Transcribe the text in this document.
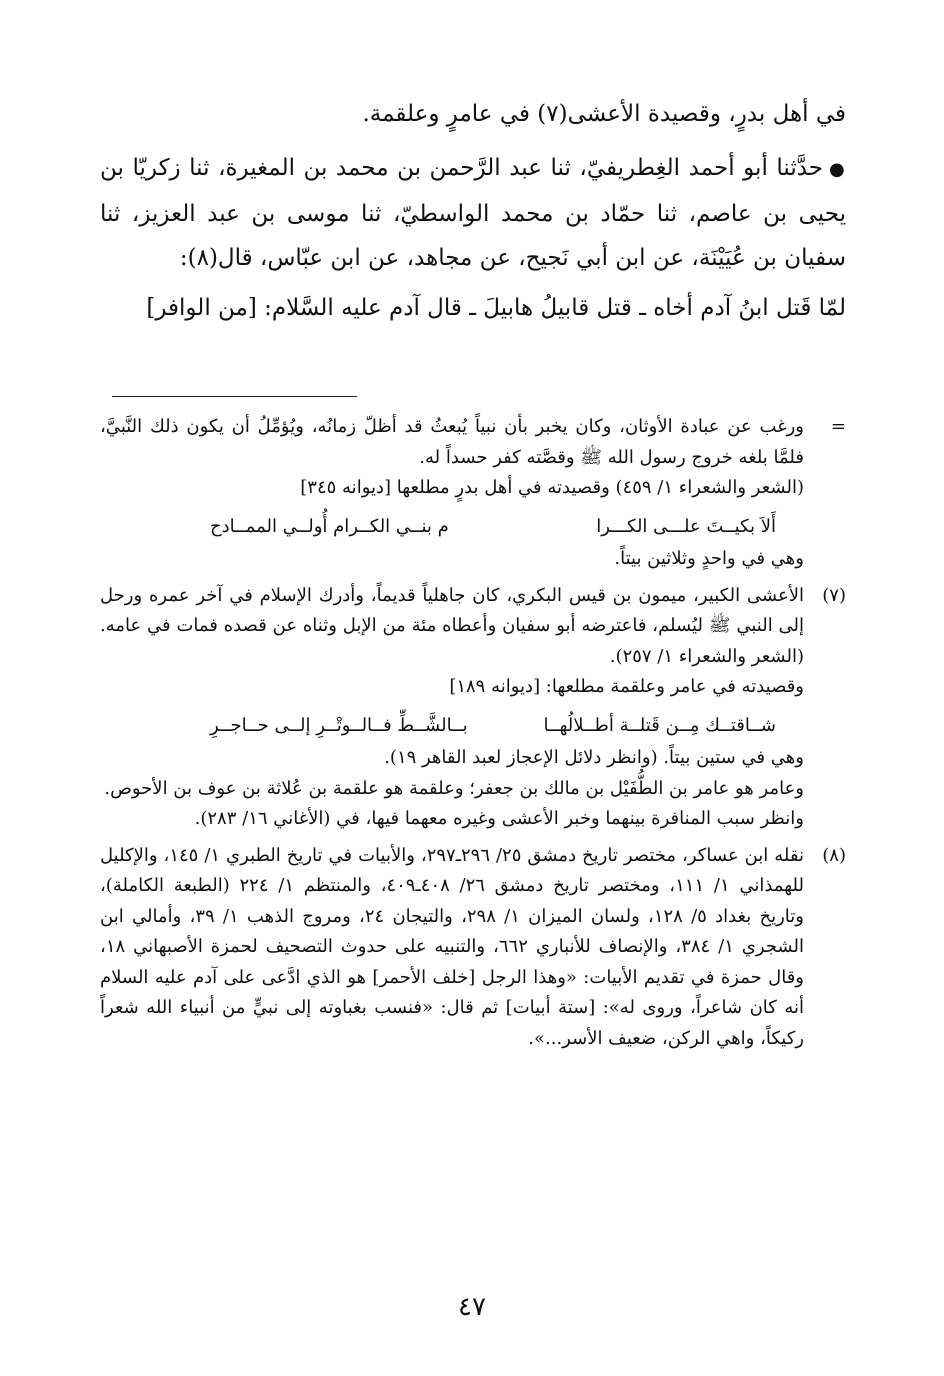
في أهل بدرٍ، وقصيدة الأعشى(٧) في عامرٍ وعلقمة.

●حدَّثنا أبو أحمد الغِطريفيّ، ثنا عبد الرَّحمن بن محمد بن المغيرة، ثنا زكريّا بن يحيى بن عاصم، ثنا حمّاد بن محمد الواسطيّ، ثنا موسى بن عبد العزيز، ثنا سفيان بن عُيَيْنَة، عن ابن أبي نَجيح، عن مجاهد، عن ابن عبّاس، قال(٨):

لمّا قَتل ابنُ آدم أخاه ـ قتل قابيلُ هابيلَ ـ قال آدم عليه السَّلام: [من الوافر]

=

ورغب عن عبادة الأوثان، وكان يخبر بأن نبياً يُبعثُ قد أظلّ زمانُه، ويُؤمِّلُ أن يكون ذلك النَّبيَّ، فلمَّا بلغه خروج رسول الله ﷺ وقصَّته كفر حسداً له.

(الشعر والشعراء ١/ ٤٥٩) وقصيدته في أهل بدرٍ مطلعها [ديوانه ٣٤٥]

أَلاَ بكيــتَ علـــى الكـــرا
م بنــي الكــرام أُولــي الممــادح

وهي في واحدٍ وثلاثين بيتاً.

(٧)

الأعشى الكبير، ميمون بن قيس البكري، كان جاهلياً قديماً، وأدرك الإسلام في آخر عمره ورحل إلى النبي ﷺ ليُسلم، فاعترضه أبو سفيان وأعطاه مئة من الإبل وثناه عن قصده فمات في عامه. (الشعر والشعراء ١/ ٢٥٧).

وقصيدته في عامر وعلقمة مطلعها: [ديوانه ١٨٩]

شــاقتــك مِــن قَتلــة أطــلالُهــا
بــالشَّــطِّ فــالــوتْــرِ إلــى حــاجــرِ

وهي في ستين بيتاً. (وانظر دلائل الإعجاز لعبد القاهر ١٩).

وعامر هو عامر بن الطُّفَيْل بن مالك بن جعفر؛ وعلقمة هو علقمة بن عُلاثة بن عوف بن الأحوص.

وانظر سبب المنافرة بينهما وخبر الأعشى وغيره معهما فيها، في (الأغاني ١٦/ ٢٨٣).

(٨)

نقله ابن عساكر، مختصر تاريخ دمشق ٢٥/ ٢٩٦ـ٢٩٧، والأبيات في تاريخ الطبري ١/ ١٤٥، والإكليل للهمذاني ١/ ١١١، ومختصر تاريخ دمشق ٢٦/ ٤٠٨ـ٤٠٩، والمنتظم ١/ ٢٢٤ (الطبعة الكاملة)، وتاريخ بغداد ٥/ ١٢٨، ولسان الميزان ١/ ٢٩٨، والتيجان ٢٤، ومروج الذهب ١/ ٣٩، وأمالي ابن الشجري ١/ ٣٨٤، والإنصاف للأنباري ٦٦٢، والتنبيه على حدوث التصحيف لحمزة الأصبهاني ١٨، وقال حمزة في تقديم الأبيات: «وهذا الرجل [خلف الأحمر] هو الذي ادَّعى على آدم عليه السلام أنه كان شاعراً، وروى له»: [ستة أبيات] ثم قال: «فنسب بغباوته إلى نبيٍّ من أنبياء الله شعراً ركيكاً، واهي الركن، ضعيف الأسر...».

٤٧
